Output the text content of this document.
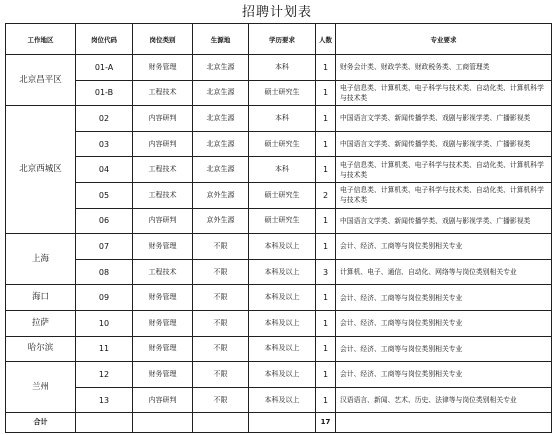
招聘计划表
工作地区	岗位代码	岗位类别	生源地	学历要求	人数	专业要求
北京昌平区	01-A	财务管理	北京生源	本科	1	财务会计类、财政学类、财政税务类、工商管理类
	01-B	工程技术	北京生源	硕士研究生	1	电子信息类、计算机类、电子科学与技术类、自动化类、计算机科学与技术类
北京西城区	02	内容研判	北京生源	本科	1	中国语言文学类、新闻传播学类、戏剧与影视学类、广播影视类
	03	内容研判	北京生源	硕士研究生	1	中国语言文学类、新闻传播学类、戏剧与影视学类、广播影视类
	04	工程技术	北京生源	本科	1	电子信息类、计算机类、电子科学与技术类、自动化类、计算机科学与技术类
	05	工程技术	京外生源	硕士研究生	2	电子信息类、计算机类、电子科学与技术类、自动化类、计算机科学与技术类
	06	内容研判	京外生源	硕士研究生	1	中国语言文学类、新闻传播学类、戏剧与影视学类、广播影视类
上海	07	财务管理	不限	本科及以上	1	会计、经济、工商等与岗位类别相关专业
	08	工程技术	不限	本科及以上	3	计算机、电子、通信、自动化、网络等与岗位类别相关专业
海口	09	财务管理	不限	本科及以上	1	会计、经济、工商等与岗位类别相关专业
拉萨	10	财务管理	不限	本科及以上	1	会计、经济、工商等与岗位类别相关专业
哈尔滨	11	财务管理	不限	本科及以上	1	会计、经济、工商等与岗位类别相关专业
兰州	12	财务管理	不限	本科及以上	1	会计、经济、工商等与岗位类别相关专业
	13	内容研判	不限	本科及以上	1	汉语语言、新闻、艺术、历史、法律等与岗位类别相关专业
合计					17	
